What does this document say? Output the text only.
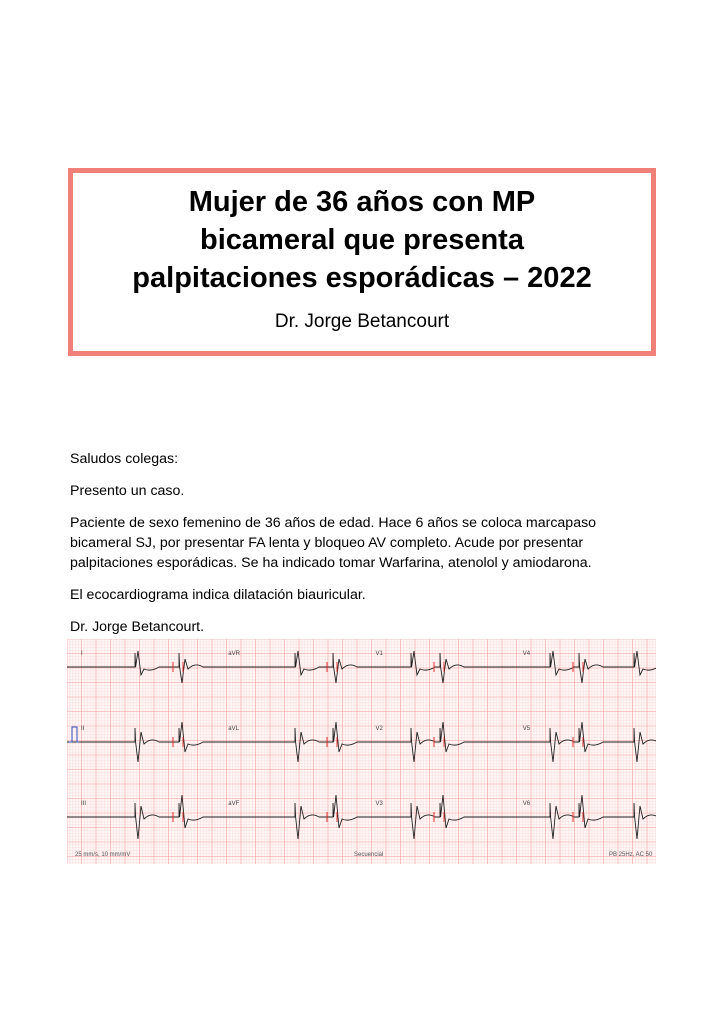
Mujer de 36 años con MP
bicameral que presenta
palpitaciones esporádicas – 2022
Dr. Jorge Betancourt

Saludos colegas:

Presento un caso.

Paciente de sexo femenino de 36 años de edad. Hace 6 años se coloca marcapaso
bicameral SJ, por presentar FA lenta y bloqueo AV completo. Acude por presentar
palpitaciones esporádicas. Se ha indicado tomar Warfarina, atenolol y amiodarona.

El ecocardiograma indica dilatación biauricular.

Dr. Jorge Betancourt.

I	aVR	V1	V4
II	aVL	V2	V5
III	aVF	V3	V6
25 mm/s, 10 mm/mV	Secuencial	PB 25Hz, AC 50
